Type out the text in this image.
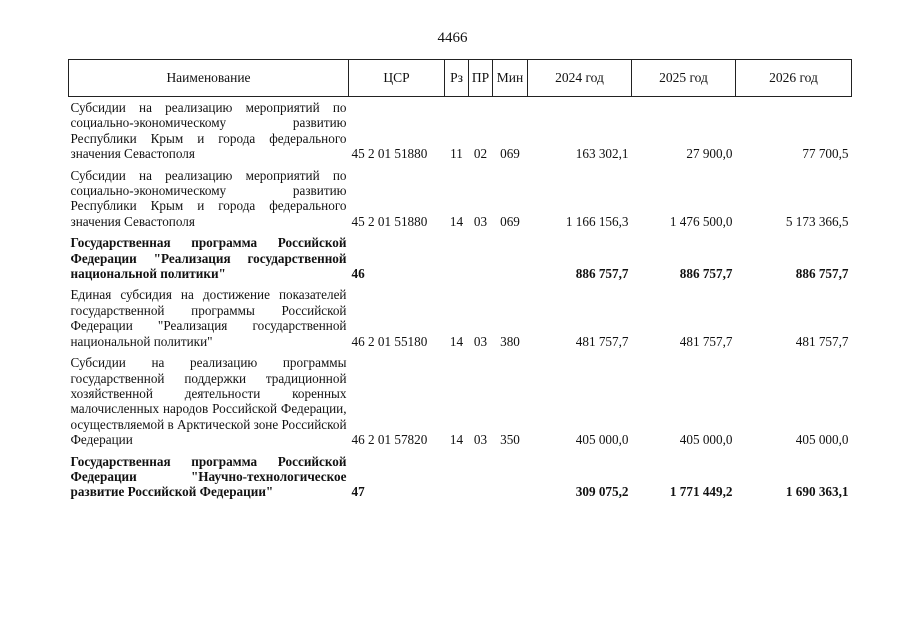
4466
Наименование	ЦСР	Рз	ПР	Мин	2024 год	2025 год	2026 год
Субсидии на реализацию мероприятий по социально-экономическому развитию Республики Крым и города федерального значения Севастополя	45 2 01 51880	11	02	069	163 302,1	27 900,0	77 700,5
Субсидии на реализацию мероприятий по социально-экономическому развитию Республики Крым и города федерального значения Севастополя	45 2 01 51880	14	03	069	1 166 156,3	1 476 500,0	5 173 366,5
Государственная программа Российской Федерации "Реализация государственной национальной политики"	46				886 757,7	886 757,7	886 757,7
Единая субсидия на достижение показателей государственной программы Российской Федерации "Реализация государственной национальной политики"	46 2 01 55180	14	03	380	481 757,7	481 757,7	481 757,7
Субсидии на реализацию программы государственной поддержки традиционной хозяйственной деятельности коренных малочисленных народов Российской Федерации, осуществляемой в Арктической зоне Российской Федерации	46 2 01 57820	14	03	350	405 000,0	405 000,0	405 000,0
Государственная программа Российской Федерации "Научно-технологическое развитие Российской Федерации"	47				309 075,2	1 771 449,2	1 690 363,1
